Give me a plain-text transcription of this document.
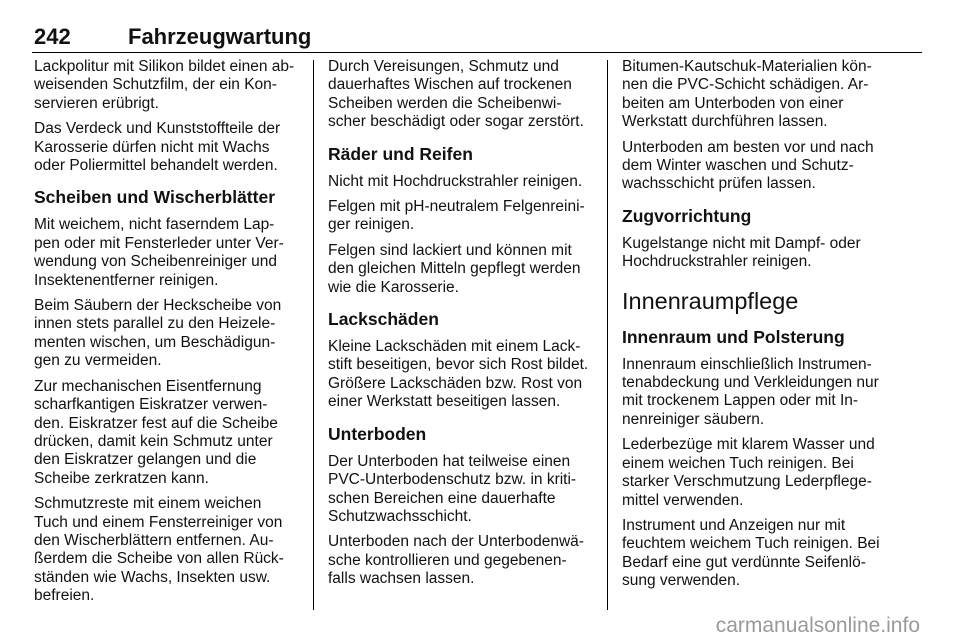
242	Fahrzeugwartung

Lackpolitur mit Silikon bildet einen ab-
weisenden Schutzfilm, der ein Kon-
servieren erübrigt.

Das Verdeck und Kunststoffteile der
Karosserie dürfen nicht mit Wachs
oder Poliermittel behandelt werden.

Scheiben und Wischerblätter

Mit weichem, nicht faserndem Lap-
pen oder mit Fensterleder unter Ver-
wendung von Scheibenreiniger und
Insektenentferner reinigen.

Beim Säubern der Heckscheibe von
innen stets parallel zu den Heizele-
menten wischen, um Beschädigun-
gen zu vermeiden.

Zur mechanischen Eisentfernung
scharfkantigen Eiskratzer verwen-
den. Eiskratzer fest auf die Scheibe
drücken, damit kein Schmutz unter
den Eiskratzer gelangen und die
Scheibe zerkratzen kann.

Schmutzreste mit einem weichen
Tuch und einem Fensterreiniger von
den Wischerblättern entfernen. Au-
ßerdem die Scheibe von allen Rück-
ständen wie Wachs, Insekten usw.
befreien.

Durch Vereisungen, Schmutz und
dauerhaftes Wischen auf trockenen
Scheiben werden die Scheibenwi-
scher beschädigt oder sogar zerstört.

Räder und Reifen

Nicht mit Hochdruckstrahler reinigen.

Felgen mit pH-neutralem Felgenreini-
ger reinigen.

Felgen sind lackiert und können mit
den gleichen Mitteln gepflegt werden
wie die Karosserie.

Lackschäden

Kleine Lackschäden mit einem Lack-
stift beseitigen, bevor sich Rost bildet.
Größere Lackschäden bzw. Rost von
einer Werkstatt beseitigen lassen.

Unterboden

Der Unterboden hat teilweise einen
PVC-Unterbodenschutz bzw. in kriti-
schen Bereichen eine dauerhafte
Schutzwachsschicht.

Unterboden nach der Unterbodenwä-
sche kontrollieren und gegebenen-
falls wachsen lassen.

Bitumen-Kautschuk-Materialien kön-
nen die PVC-Schicht schädigen. Ar-
beiten am Unterboden von einer
Werkstatt durchführen lassen.

Unterboden am besten vor und nach
dem Winter waschen und Schutz-
wachsschicht prüfen lassen.

Zugvorrichtung

Kugelstange nicht mit Dampf- oder
Hochdruckstrahler reinigen.

Innenraumpflege
Innenraum und Polsterung

Innenraum einschließlich Instrumen-
tenabdeckung und Verkleidungen nur
mit trockenem Lappen oder mit In-
nenreiniger säubern.

Lederbezüge mit klarem Wasser und
einem weichen Tuch reinigen. Bei
starker Verschmutzung Lederpflege-
mittel verwenden.

Instrument und Anzeigen nur mit
feuchtem weichem Tuch reinigen. Bei
Bedarf eine gut verdünnte Seifenlö-
sung verwenden.

carmanualsonline.info
